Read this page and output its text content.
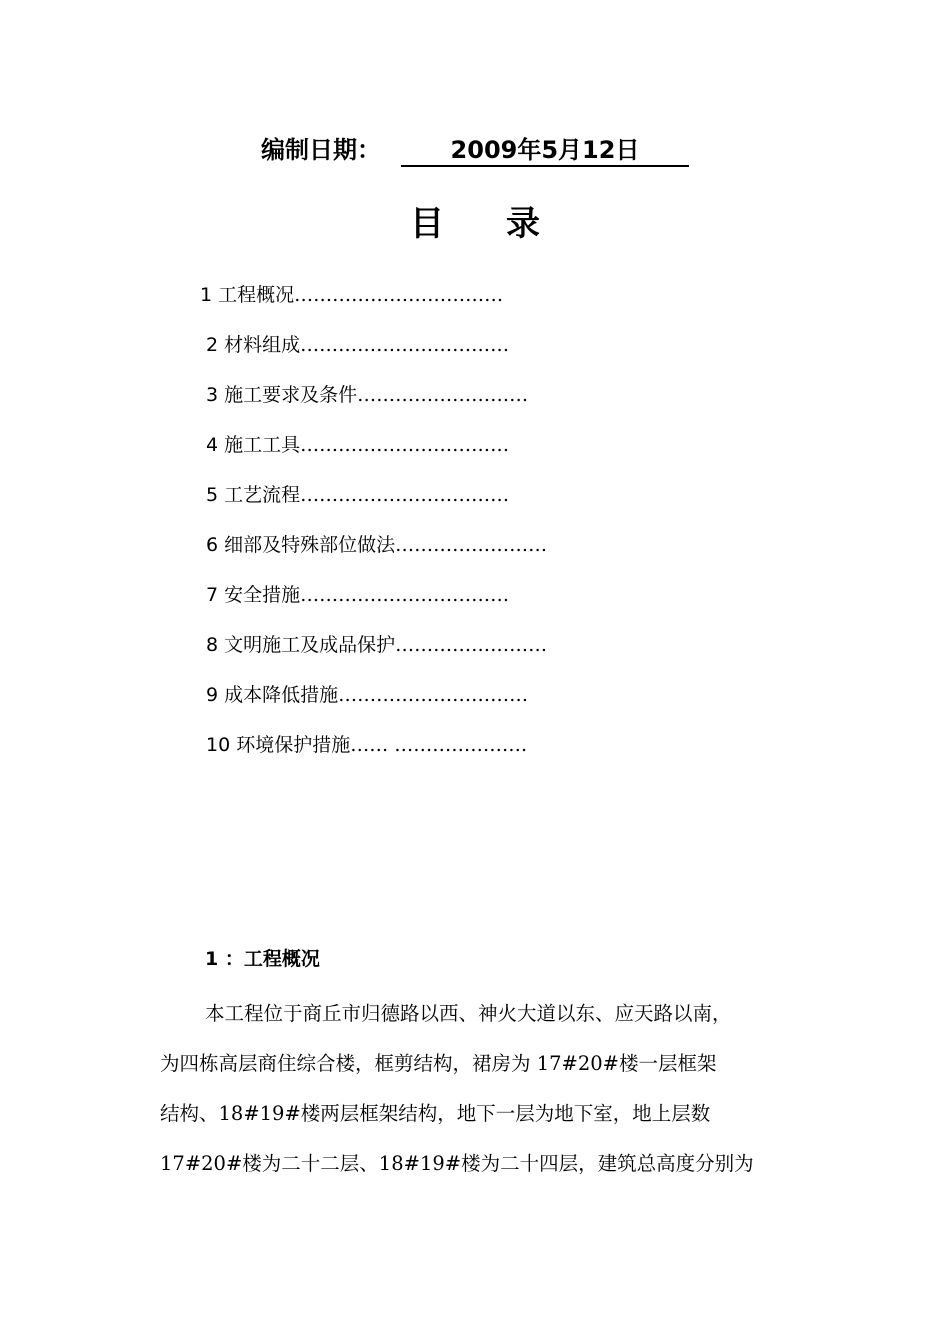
编制日期：	2009年5月12日
目录
1 工程概况……………………………
2 材料组成……………………………
3 施工要求及条件………………………
4 施工工具……………………………
5 工艺流程……………………………
6 细部及特殊部位做法……………………
7 安全措施……………………………
8 文明施工及成品保护……………………
9 成本降低措施…………………………
10 环境保护措施…… …………………
1 ：工程概况
本工程位于商丘市归德路以西、神火大道以东、应天路以南，
为四栋高层商住综合楼，框剪结构，裙房为 17#20#楼一层框架
结构、18#19#楼两层框架结构，地下一层为地下室，地上层数
17#20#楼为二十二层、18#19#楼为二十四层，建筑总高度分别为
